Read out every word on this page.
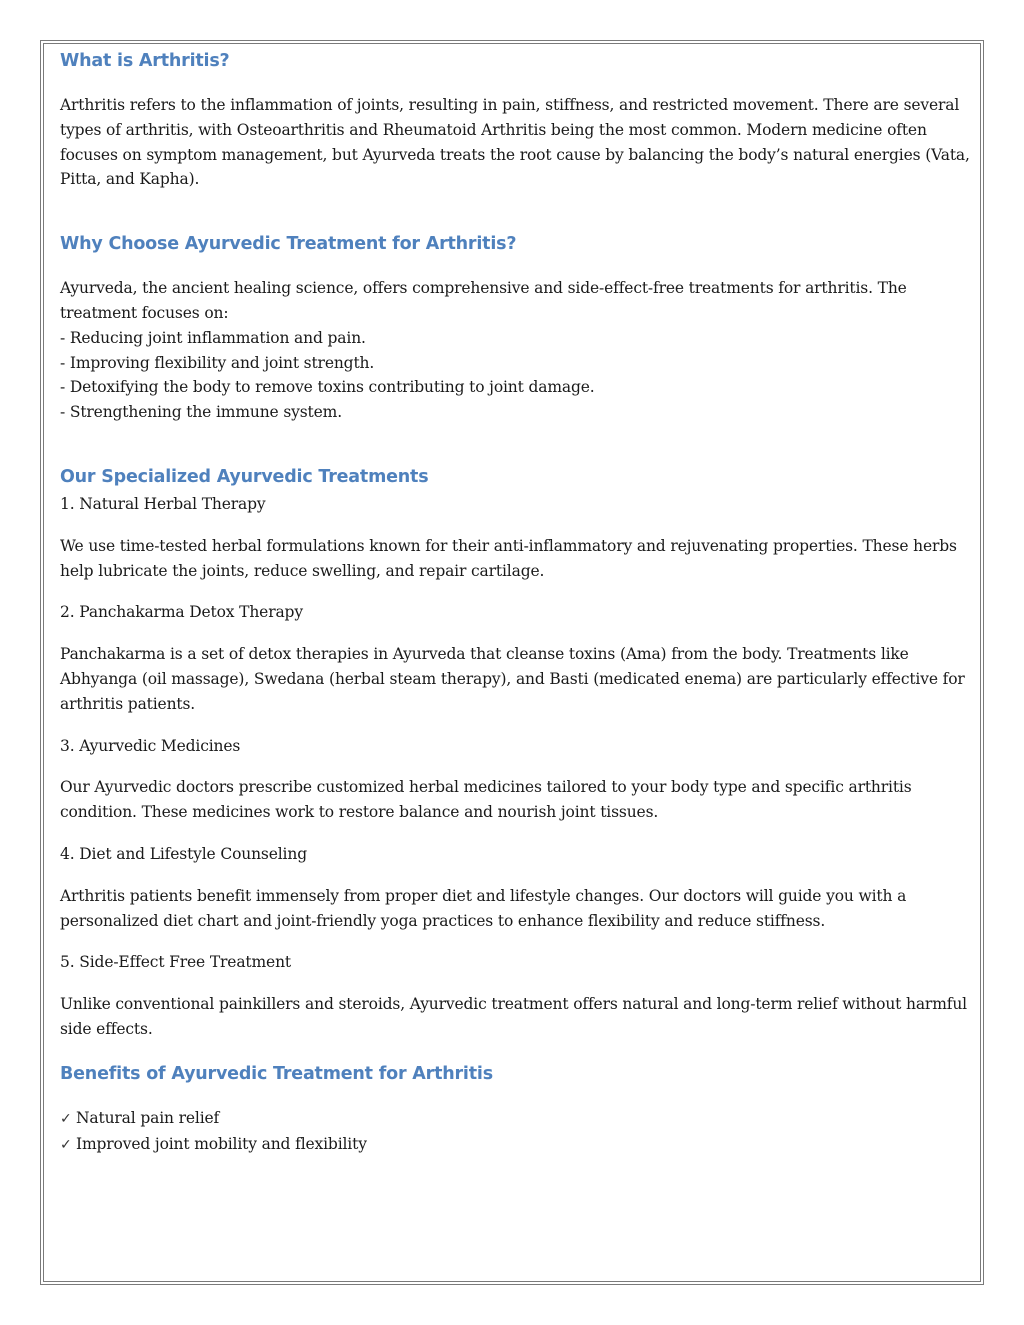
What is Arthritis?

Arthritis refers to the inflammation of joints, resulting in pain, stiffness, and restricted movement. There are several types of arthritis, with Osteoarthritis and Rheumatoid Arthritis being the most common. Modern medicine often focuses on symptom management, but Ayurveda treats the root cause by balancing the body’s natural energies (Vata, Pitta, and Kapha).

Why Choose Ayurvedic Treatment for Arthritis?

Ayurveda, the ancient healing science, offers comprehensive and side-effect-free treatments for arthritis. The treatment focuses on:

- Reducing joint inflammation and pain.
- Improving flexibility and joint strength.
- Detoxifying the body to remove toxins contributing to joint damage.
- Strengthening the immune system.
Our Specialized Ayurvedic Treatments

1. Natural Herbal Therapy

We use time-tested herbal formulations known for their anti-inflammatory and rejuvenating properties. These herbs help lubricate the joints, reduce swelling, and repair cartilage.

2. Panchakarma Detox Therapy

Panchakarma is a set of detox therapies in Ayurveda that cleanse toxins (Ama) from the body. Treatments like Abhyanga (oil massage), Swedana (herbal steam therapy), and Basti (medicated enema) are particularly effective for arthritis patients.

3. Ayurvedic Medicines

Our Ayurvedic doctors prescribe customized herbal medicines tailored to your body type and specific arthritis condition. These medicines work to restore balance and nourish joint tissues.

4. Diet and Lifestyle Counseling

Arthritis patients benefit immensely from proper diet and lifestyle changes. Our doctors will guide you with a personalized diet chart and joint-friendly yoga practices to enhance flexibility and reduce stiffness.

5. Side-Effect Free Treatment

Unlike conventional painkillers and steroids, Ayurvedic treatment offers natural and long-term relief without harmful side effects.

Benefits of Ayurvedic Treatment for Arthritis
✓ Natural pain relief
✓ Improved joint mobility and flexibility
